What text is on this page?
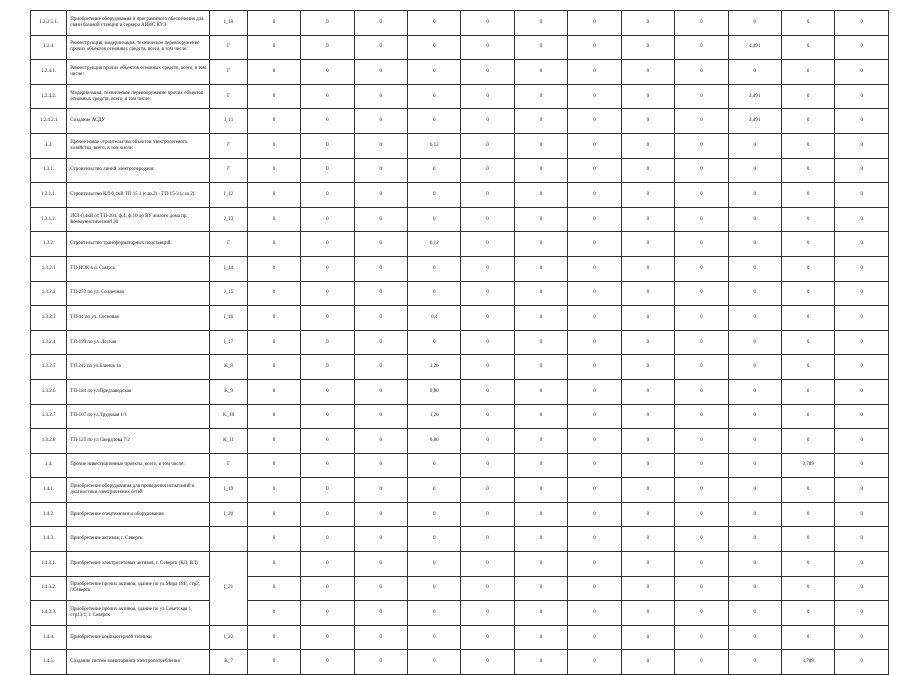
1.2.3.5.1.	Приобретение оборудования и программного обеспечения для связи базовой станции и сервера АИИС КУЭ	I_10	0	0	0	0	0	0	0	0	0	0	0	0
1.2.4.	Реконструкция, модернизация, техническое перевооружение прочих объектов основных средств, всего, в том числе:	Г	0	0	0	0	0	0	0	0	0	4,491	0	0
1.2.4.1.	Реконструкция прочих объектов основных средств, всего, в том числе:	Г	0	0	0	0	0	0	0	0	0	0	0	0
1.2.4.2.	Модернизация, техническое перевооружение прочих объектов основных средств, всего, в том числе:	Г	0	0	0	0	0	0	0	0	0	4,491	0	0
1.2.4.2.1	Создание АСДУ	J_11	0	0	0	0	0	0	0	0	0	4,491	0	0
1.3.	Прочее новое строительство объектов электросетевого хозяйства, всего, в том числе:	Г	0	0	0	6,12	0	0	0	0	0	0	0	0
1.3.1.	Строительство линий электропередачи:	Г	0	0	0	0	0	0	0	0	0	0	0	0
1.3.1.1.	Строительство КЛ-0,4кВ ТП 15 1 (с.ш.2) - ТП-15-3 (с.ш.2)	I_12	0	0	0	0	0	0	0	0	0	0	0	0
1.3.1.2.	2КЛ-0,4кВ от ТП-204, ф.4, ф.10 до ВУ жилого дома пр. Коммунистический 30	J_13	0	0	0	0	0	0	0	0	0	0	0	0
1.3.2.	Строительство трансформаторных подстанций:	Г	0	0	0	6,12	0	0	0	0	0	0	0	0
1.3.2.1	ТП-НОК в п. Самусь	I_14	0	0	0	0	0	0	0	0	0	0	0	0
1.3.2.2	ТП-273 по ул. Солнечная	J_15	0	0	0	0	0	0	0	0	0	0	0	0
1.3.2.3	ТП-44 по ул. Сосновая	I_16	0	0	0	0,4	0	0	0	0	0	0	0	0
1.3.2.4	ТП-199 по ул. Лесная	I_17	0	0	0	0	0	0	0	0	0	0	0	0
1.3.2.5	ТП 241 по ул.Блинов 1а	K_8	0	0	0	1,26	0	0	0	0	0	0	0	0
1.3.2.6	ТП-184 по ул.Предзаводская	K_9	0	0	0	0,80	0	0	0	0	0	0	0	0
1.3.2.7	ТП-107 по ул.Трудовая 1/1	K_10	0	0	0	1,26	0	0	0	0	0	0	0	0
1.3.2.8	ТП-125 по ул Свердлова 7/2	K_11	0	0	0	0,80	0	0	0	0	0	0	0	0
1.4.	Прочие инвестиционные проекты, всего, в том числе:	Г	0	0	0	0	0	0	0	0	0	0	3,789	0
1.4.1.	Приобретение оборудования для проведения испытаний и диагностики электрических сетей	I_19	0	0	0	0	0	0	0	0	0	0	0	0
1.4.2.	Приобретение спецтехники и оборудования	I_20	0	0	0	0	0	0	0	0	0	0	0	0
1.4.3.	Приобретение активов, г. Северск		0	0	0	0	0	0	0	0	0	0	0	0
1.4.3.1.	Приобретение электросетевых активов, г. Северск (КЛ, ВЛ)	I_21	0	0	0	0	0	0	0	0	0	0	0	0
1.4.3.2.	Приобретение прочих активов, здание по ул.Мира 18Е, стр2, г.Северск		0	0	0	0	0	0	0	0	0	0	0	0
1.4.3.3.	Приобретение прочих активов, здание по ул.Советская 1, стр13/1, г. Северск		0	0	0	0	0	0	0	0	0	0	0	0
1.4.4.	Приобретение компьютерной техники	I_22	0	0	0	0	0	0	0	0	0	0	0	0
1.4.5.	Создание систем мониторинга электропотребления	K_7	0	0	0	0	0	0	0	0	0	0	3,789	0
